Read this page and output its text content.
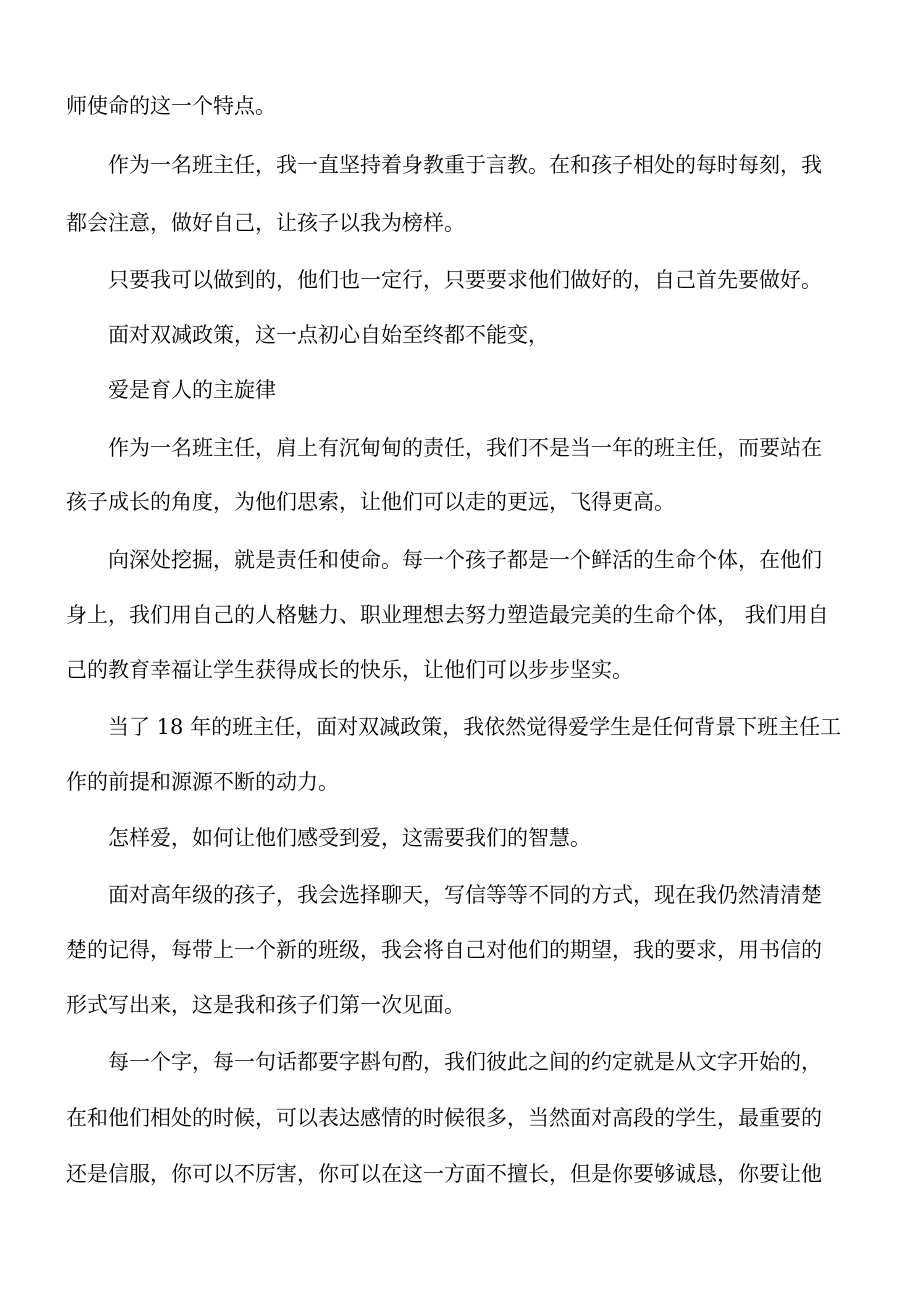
师使命的这一个特点。
作为一名班主任，我一直坚持着身教重于言教。在和孩子相处的每时每刻，我
都会注意，做好自己，让孩子以我为榜样。
只要我可以做到的，他们也一定行，只要要求他们做好的，自己首先要做好。
面对双减政策，这一点初心自始至终都不能变，
爱是育人的主旋律
作为一名班主任，肩上有沉甸甸的责任，我们不是当一年的班主任，而要站在
孩子成长的角度，为他们思索，让他们可以走的更远，飞得更高。
向深处挖掘，就是责任和使命。每一个孩子都是一个鲜活的生命个体，在他们
身上，我们用自己的人格魅力、职业理想去努力塑造最完美的生命个体， 我们用自
己的教育幸福让学生获得成长的快乐，让他们可以步步坚实。
当了 18 年的班主任，面对双减政策，我依然觉得爱学生是任何背景下班主任工
作的前提和源源不断的动力。
怎样爱，如何让他们感受到爱，这需要我们的智慧。
面对高年级的孩子，我会选择聊天，写信等等不同的方式，现在我仍然清清楚
楚的记得，每带上一个新的班级，我会将自己对他们的期望，我的要求，用书信的
形式写出来，这是我和孩子们第一次见面。
每一个字，每一句话都要字斟句酌，我们彼此之间的约定就是从文字开始的，
在和他们相处的时候，可以表达感情的时候很多，当然面对高段的学生，最重要的
还是信服，你可以不厉害，你可以在这一方面不擅长，但是你要够诚恳，你要让他
